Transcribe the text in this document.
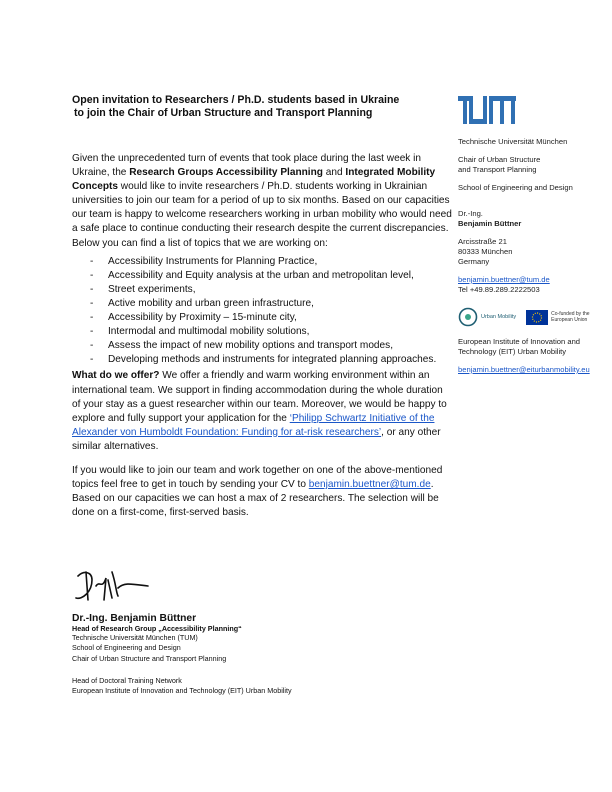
Open invitation to Researchers / Ph.D. students based in Ukraine
to join the Chair of Urban Structure and Transport Planning

Given the unprecedented turn of events that took place during the last week in Ukraine, the Research Groups Accessibility Planning and Integrated Mobility Concepts would like to invite researchers / Ph.D. students working in Ukrainian universities to join our team for a period of up to six months. Based on our capacities our team is happy to welcome researchers working in urban mobility who would need a safe place to continue conducting their research despite the current discrepancies. Below you can find a list of topics that we are working on:

- Accessibility Instruments for Planning Practice,
- Accessibility and Equity analysis at the urban and metropolitan level,
- Street experiments,
- Active mobility and urban green infrastructure,
- Accessibility by Proximity – 15-minute city,
- Intermodal and multimodal mobility solutions,
- Assess the impact of new mobility options and transport modes,
- Developing methods and instruments for integrated planning approaches.

What do we offer? We offer a friendly and warm working environment within an international team. We support in finding accommodation during the whole duration of your stay as a guest researcher within our team. Moreover, we would be happy to explore and fully support your application for the ‘Philipp Schwartz Initiative of the Alexander von Humboldt Foundation: Funding for at-risk researchers’, or any other similar alternatives.

If you would like to join our team and work together on one of the above-mentioned topics feel free to get in touch by sending your CV to benjamin.buettner@tum.de. Based on our capacities we can host a max of 2 researchers. The selection will be done on a first-come, first-served basis.

Dr.-Ing. Benjamin Büttner
Head of Research Group „Accessibility Planning“
Technische Universität München (TUM)
School of Engineering and Design
Chair of Urban Structure and Transport Planning
Head of Doctoral Training Network
European Institute of Innovation and Technology (EIT) Urban Mobility
Technische Universität München
Chair of Urban Structure
and Transport Planning
School of Engineering and Design
Dr.-Ing.
Benjamin Büttner
Arcisstraße 21
80333 München
Germany
benjamin.buettner@tum.de
Tel +49.89.289.2222503
Urban Mobility	Co-funded by the
European Union
European Institute of Innovation and
Technology (EIT) Urban Mobility
benjamin.buettner@eiturbanmobility.eu
